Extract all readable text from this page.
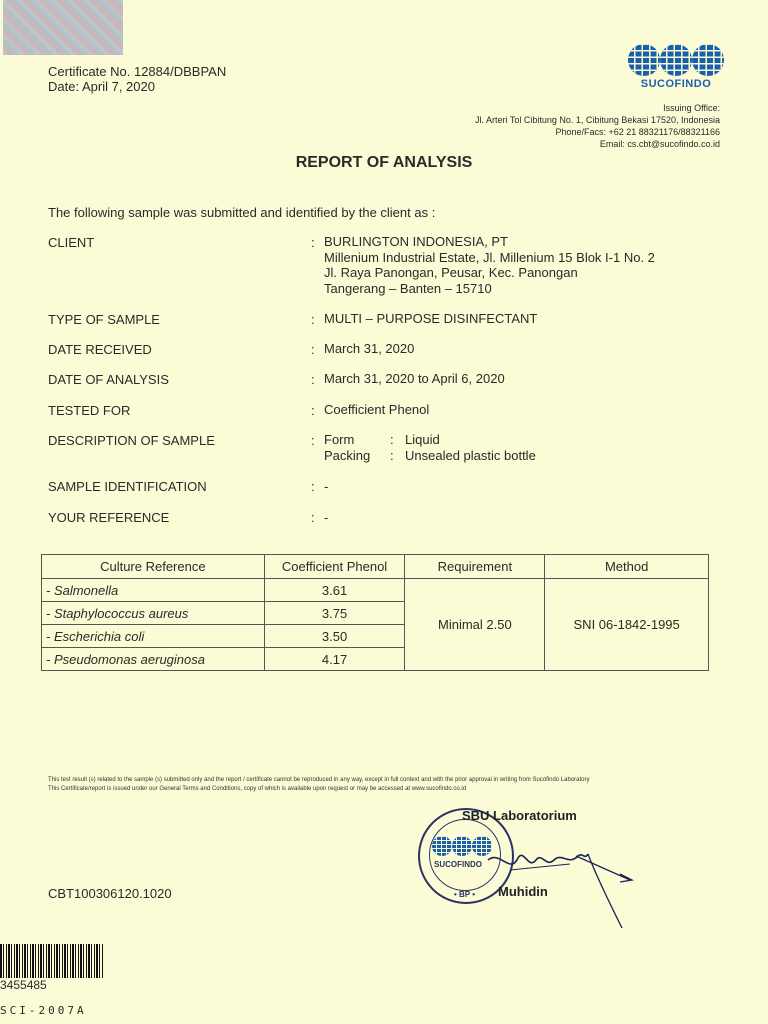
Certificate No. 12884/DBBPAN
Date: April 7, 2020	SUCOFINDO
Issuing Office:
Jl. Arteri Tol Cibitung No. 1, Cibitung Bekasi 17520, Indonesia
Phone/Facs: +62 21 88321176/88321166
Email: cs.cbt@sucofindo.co.id
REPORT OF ANALYSIS
The following sample was submitted and identified by the client as :
CLIENT	: BURLINGTON INDONESIA, PT
Millenium Industrial Estate, Jl. Millenium 15 Blok I-1 No. 2
Jl. Raya Panongan, Peusar, Kec. Panongan
Tangerang – Banten – 15710
TYPE OF SAMPLE	: MULTI – PURPOSE DISINFECTANT
DATE RECEIVED	: March 31, 2020
DATE OF ANALYSIS	: March 31, 2020 to April 6, 2020
TESTED FOR	: Coefficient Phenol
DESCRIPTION OF SAMPLE	: Form	: Liquid
Packing : Unsealed plastic bottle
SAMPLE IDENTIFICATION	: -
YOUR REFERENCE	: -
Culture Reference	Coefficient Phenol	Requirement	Method
- Salmonella	3.61	Minimal 2.50	SNI 06-1842-1995
- Staphylococcus aureus	3.75		
- Escherichia coli	3.50		
- Pseudomonas aeruginosa	4.17		
This test result (s) related to the sample (s) submitted only and the report / certificate cannot be reproduced in any way, except in full context and with the prior approval in writing from Sucofindo Laboratory
This Certificate/report is issued under our General Terms and Conditions, copy of which is available upon request or may be accessed at www.sucofindo.co.id
SUCOFINDO
• BP •
SBU Laboratorium
Muhidin
CBT100306120.1020
3455485
SCI-2007A
